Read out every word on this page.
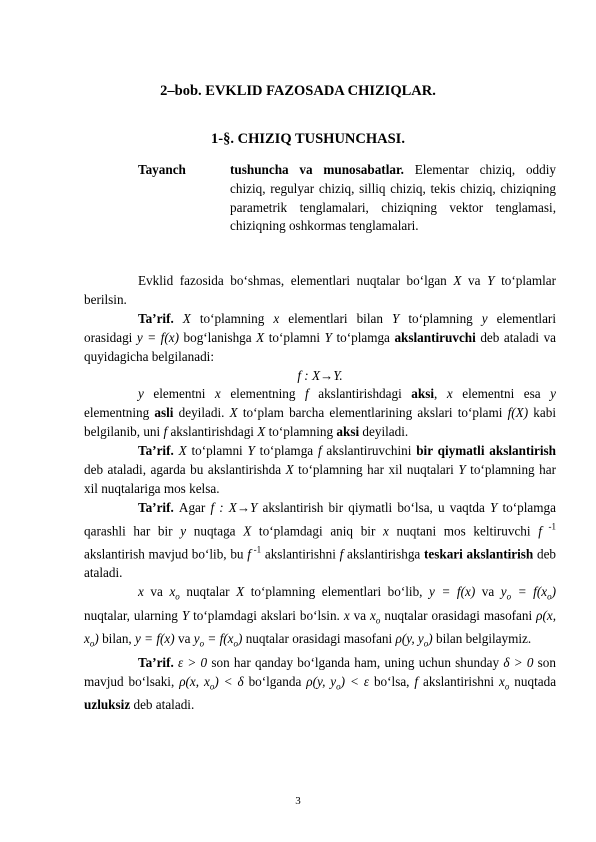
2–bob. EVKLID FAZOSADA CHIZIQLAR.
1-§. CHIZIQ TUSHUNCHASI.
Tayanch	tushuncha va munosabatlar. Elementar chiziq, oddiy chiziq, regulyar chiziq, silliq chiziq, tekis chiziq, chiziqning parametrik tenglamalari, chiziqning vektor tenglamasi, chiziqning oshkormas tenglamalari.

Evklid fazosida bo‘shmas, elementlari nuqtalar bo‘lgan X va Y to‘plamlar berilsin.

Ta’rif. X to‘plamning x elementlari bilan Y to‘plamning y elementlari orasidagi y = f(x) bog‘lanishga X to‘plamni Y to‘plamga akslantiruvchi deb ataladi va quyidagicha belgilanadi:

f : X→Y.

y elementni x elementning f akslantirishdagi aksi, x elementni esa y elementning asli deyiladi. X to‘plam barcha elementlarining akslari to‘plami f(X) kabi belgilanib, uni f akslantirishdagi X to‘plamning aksi deyiladi.

Ta’rif. X to‘plamni Y to‘plamga f akslantiruvchini bir qiymatli akslantirish deb ataladi, agarda bu akslantirishda X to‘plamning har xil nuqtalari Y to‘plamning har xil nuqtalariga mos kelsa.

Ta’rif. Agar f : X→Y akslantirish bir qiymatli bo‘lsa, u vaqtda Y to‘plamga qarashli har bir y nuqtaga X to‘plamdagi aniq bir x nuqtani mos keltiruvchi f $^{-1}$ akslantirish mavjud bo‘lib, bu f $^{-1}$ akslantirishni f akslantirishga teskari akslantirish deb ataladi.

x va $x_o$ nuqtalar X to‘plamning elementlari bo‘lib, y = f(x) va $y_o = f(x_o)$ nuqtalar, ularning Y to‘plamdagi akslari bo‘lsin. x va $x_o$ nuqtalar orasidagi masofani ρ(x, $x_o$) bilan, y = f(x) va $y_o = f(x_o)$ nuqtalar orasidagi masofani ρ(y, $y_o$) bilan belgilaymiz.

Ta’rif. ε > 0 son har qanday bo‘lganda ham, uning uchun shunday δ > 0 son mavjud bo‘lsaki, ρ(x, $x_o) < \delta$ bo‘lganda ρ(y, $y_o) < \varepsilon$ bo‘lsa, f akslantirishni $x_o$ nuqtada uzluksiz deb ataladi.

3
